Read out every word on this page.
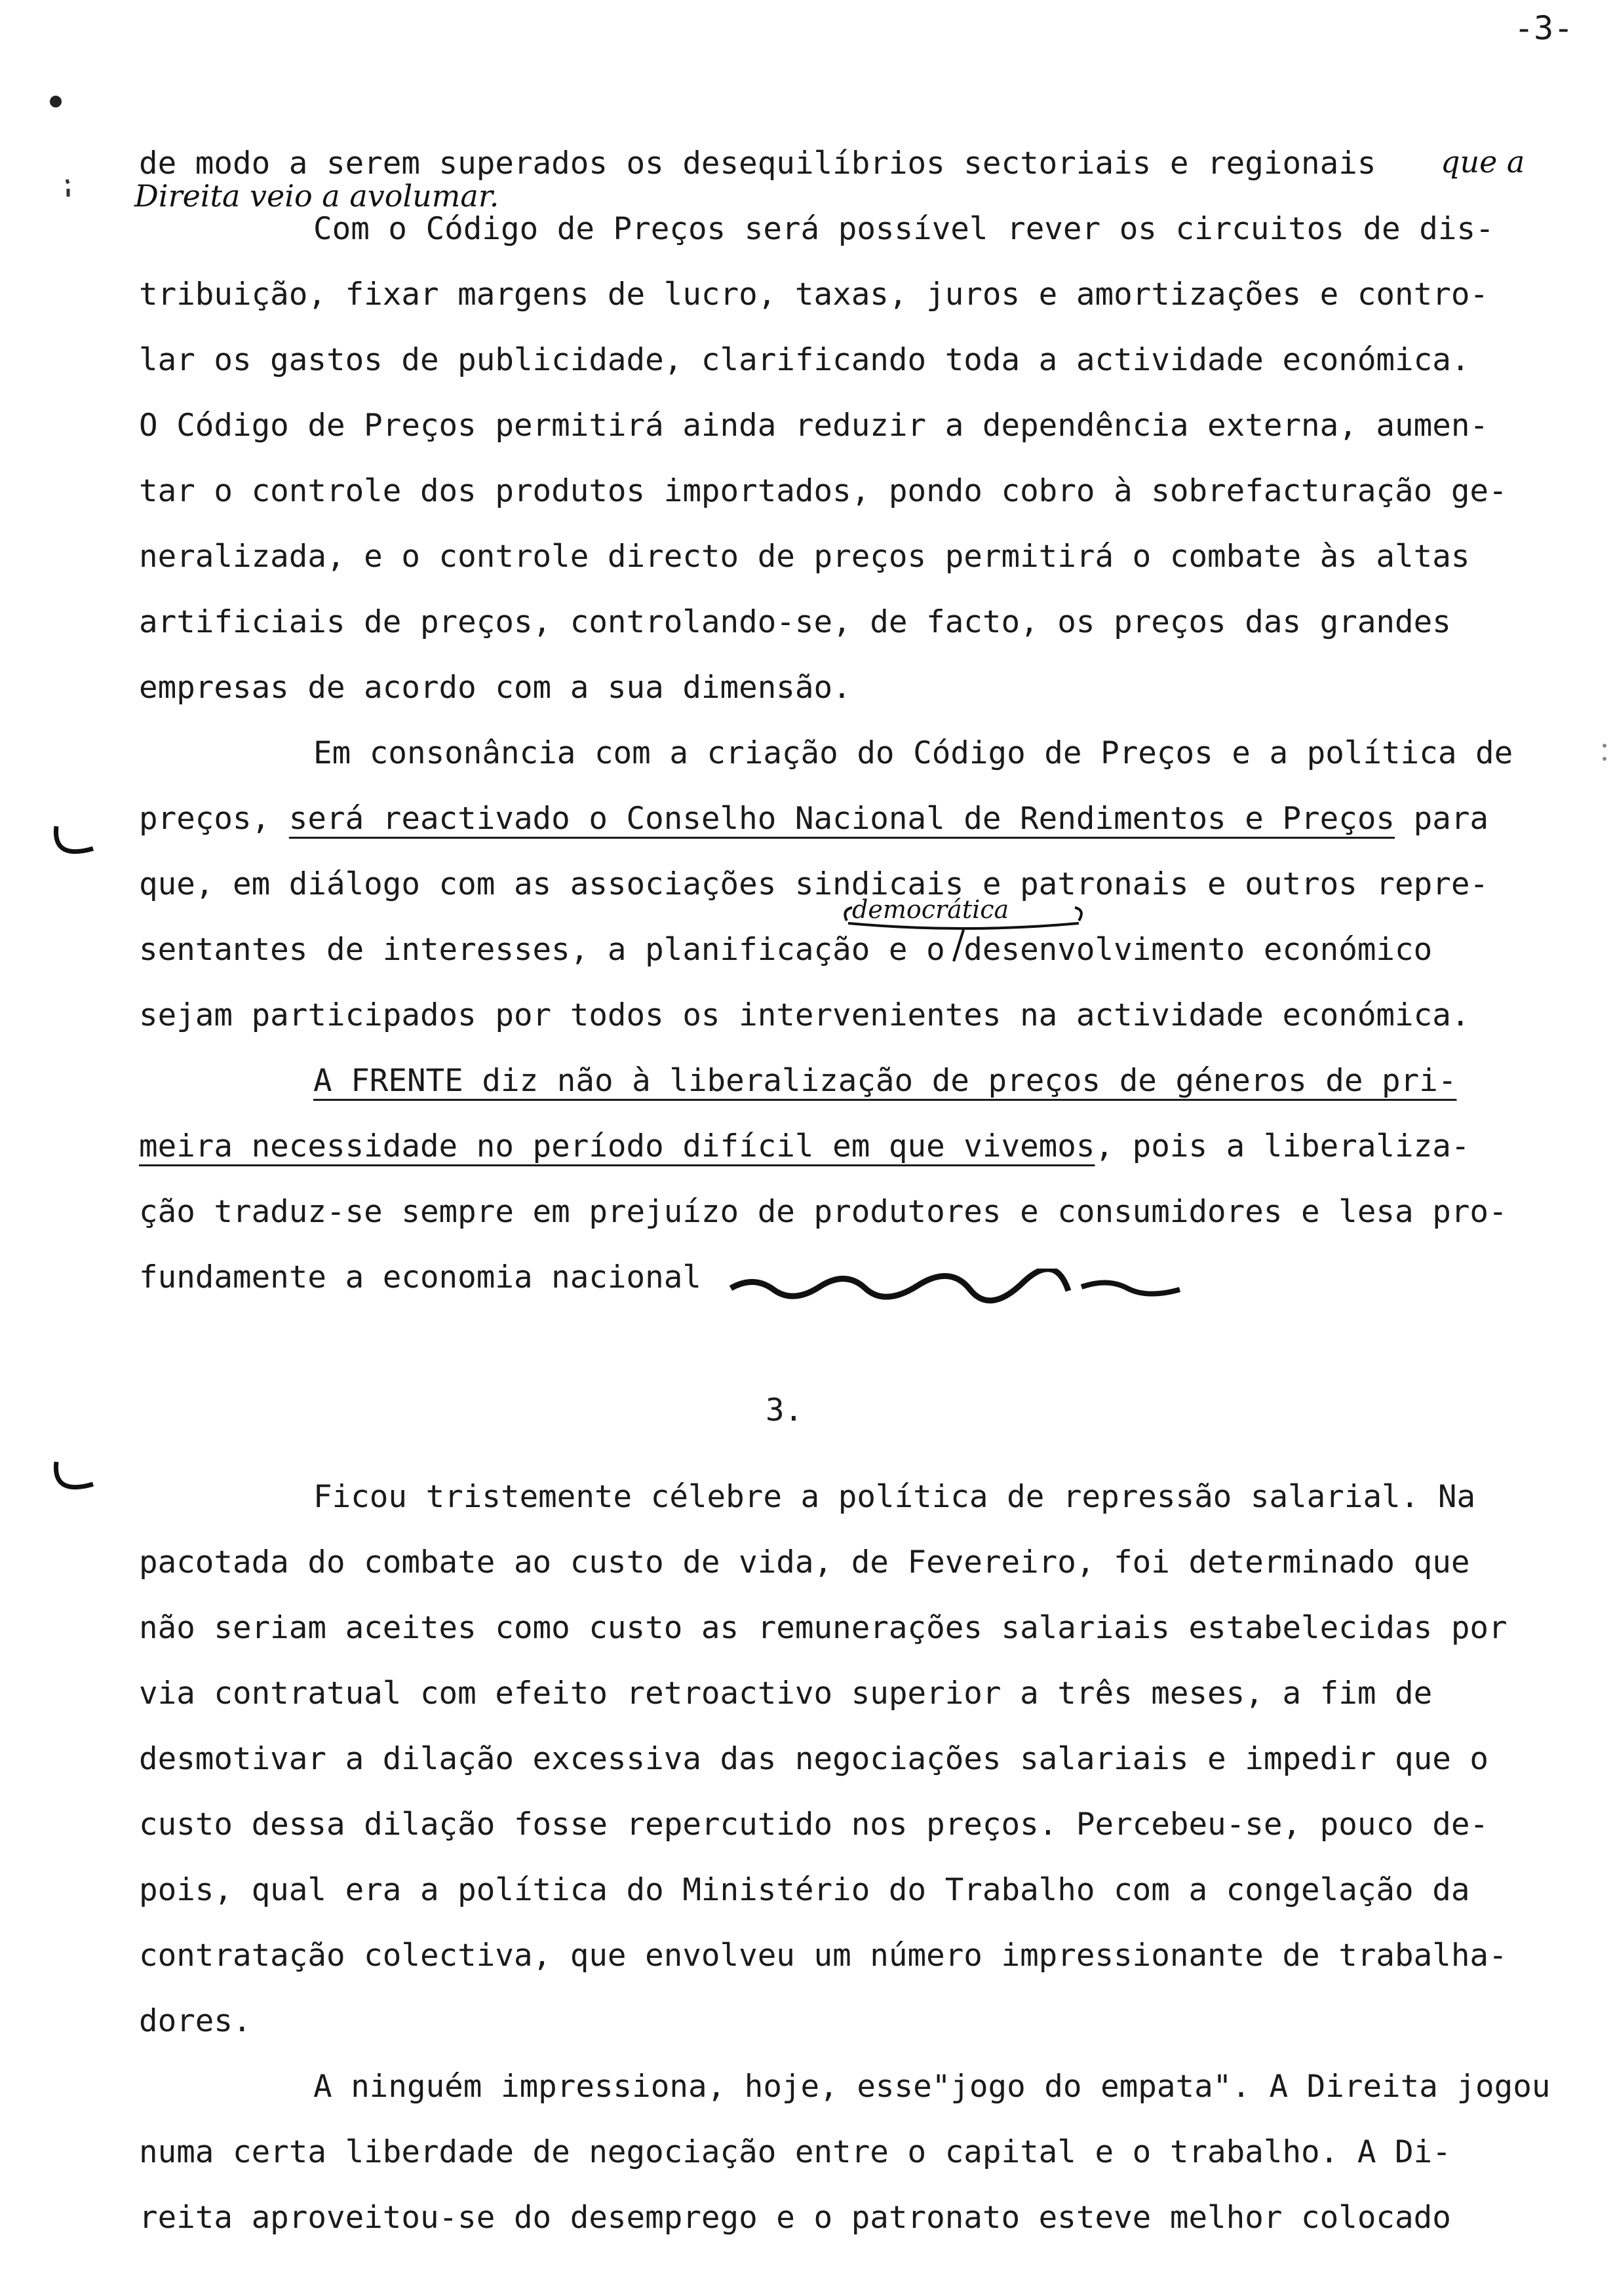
-3-
de modo a serem superados os desequilíbrios sectoriais e regionais que a
Direita veio a avolumar.
Com o Código de Preços será possível rever os circuitos de dis-
tribuição, fixar margens de lucro, taxas, juros e amortizações e contro-
lar os gastos de publicidade, clarificando toda a actividade económica.
O Código de Preços permitirá ainda reduzir a dependência externa, aumen-
tar o controle dos produtos importados, pondo cobro à sobrefacturação ge-
neralizada, e o controle directo de preços permitirá o combate às altas
artificiais de preços, controlando-se, de facto, os preços das grandes
empresas de acordo com a sua dimensão.
Em consonância com a criação do Código de Preços e a política de
preços, será reactivado o Conselho Nacional de Rendimentos e Preços para
que, em diálogo com as associações sindicais e patronais e outros repre-
democrática
sentantes de interesses, a planificação e o desenvolvimento económico
sejam participados por todos os intervenientes na actividade económica.
A FRENTE diz não à liberalização de preços de géneros de pri-
meira necessidade no período difícil em que vivemos, pois a liberaliza-
ção traduz-se sempre em prejuízo de produtores e consumidores e lesa pro-
fundamente a economia nacional
3.
Ficou tristemente célebre a política de repressão salarial. Na
pacotada do combate ao custo de vida, de Fevereiro, foi determinado que
não seriam aceites como custo as remunerações salariais estabelecidas por
via contratual com efeito retroactivo superior a três meses, a fim de
desmotivar a dilação excessiva das negociações salariais e impedir que o
custo dessa dilação fosse repercutido nos preços. Percebeu-se, pouco de-
pois, qual era a política do Ministério do Trabalho com a congelação da
contratação colectiva, que envolveu um número impressionante de trabalha-
dores.
A ninguém impressiona, hoje, esse"jogo do empata". A Direita jogou
numa certa liberdade de negociação entre o capital e o trabalho. A Di-
reita aproveitou-se do desemprego e o patronato esteve melhor colocado
